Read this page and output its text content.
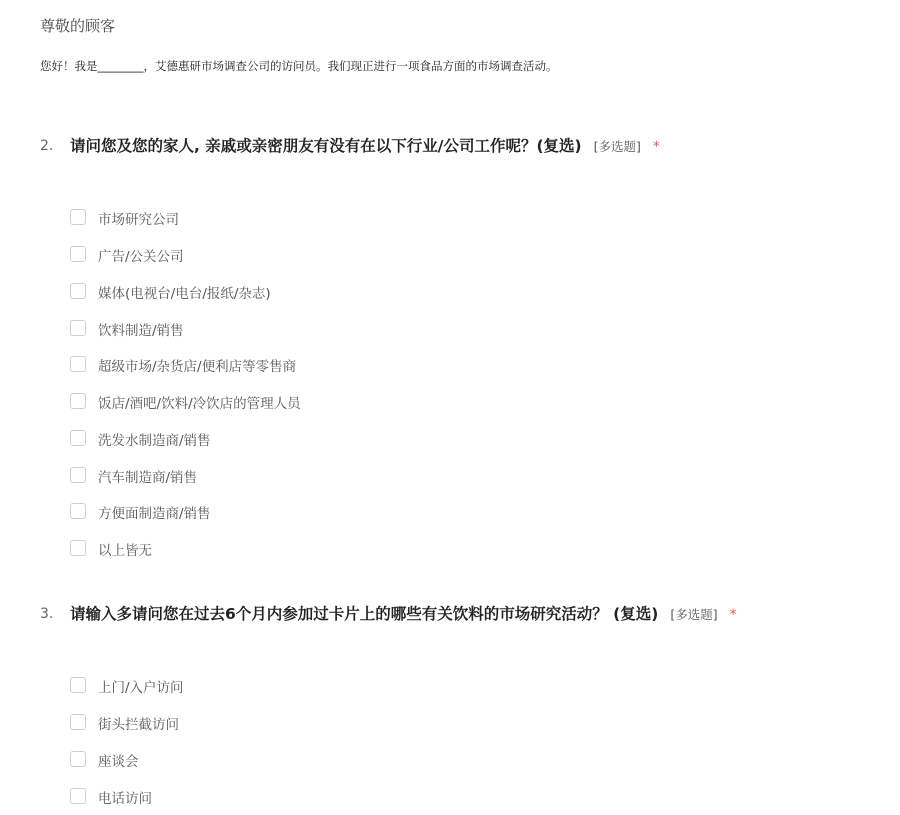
尊敬的顾客
您好！我是________，艾德惠研市场调查公司的访问员。我们现正进行一项食品方面的市场调查活动。
2. 请问您及您的家人, 亲戚或亲密朋友有没有在以下行业/公司工作呢？(复选) [多选题] *
市场研究公司
广告/公关公司
媒体(电视台/电台/报纸/杂志)
饮料制造/销售
超级市场/杂货店/便利店等零售商
饭店/酒吧/饮料/冷饮店的管理人员
洗发水制造商/销售
汽车制造商/销售
方便面制造商/销售
以上皆无
3. 请输入多请问您在过去6个月内参加过卡片上的哪些有关饮料的市场研究活动？ (复选) [多选题] *
上门/入户访问
街头拦截访问
座谈会
电话访问
